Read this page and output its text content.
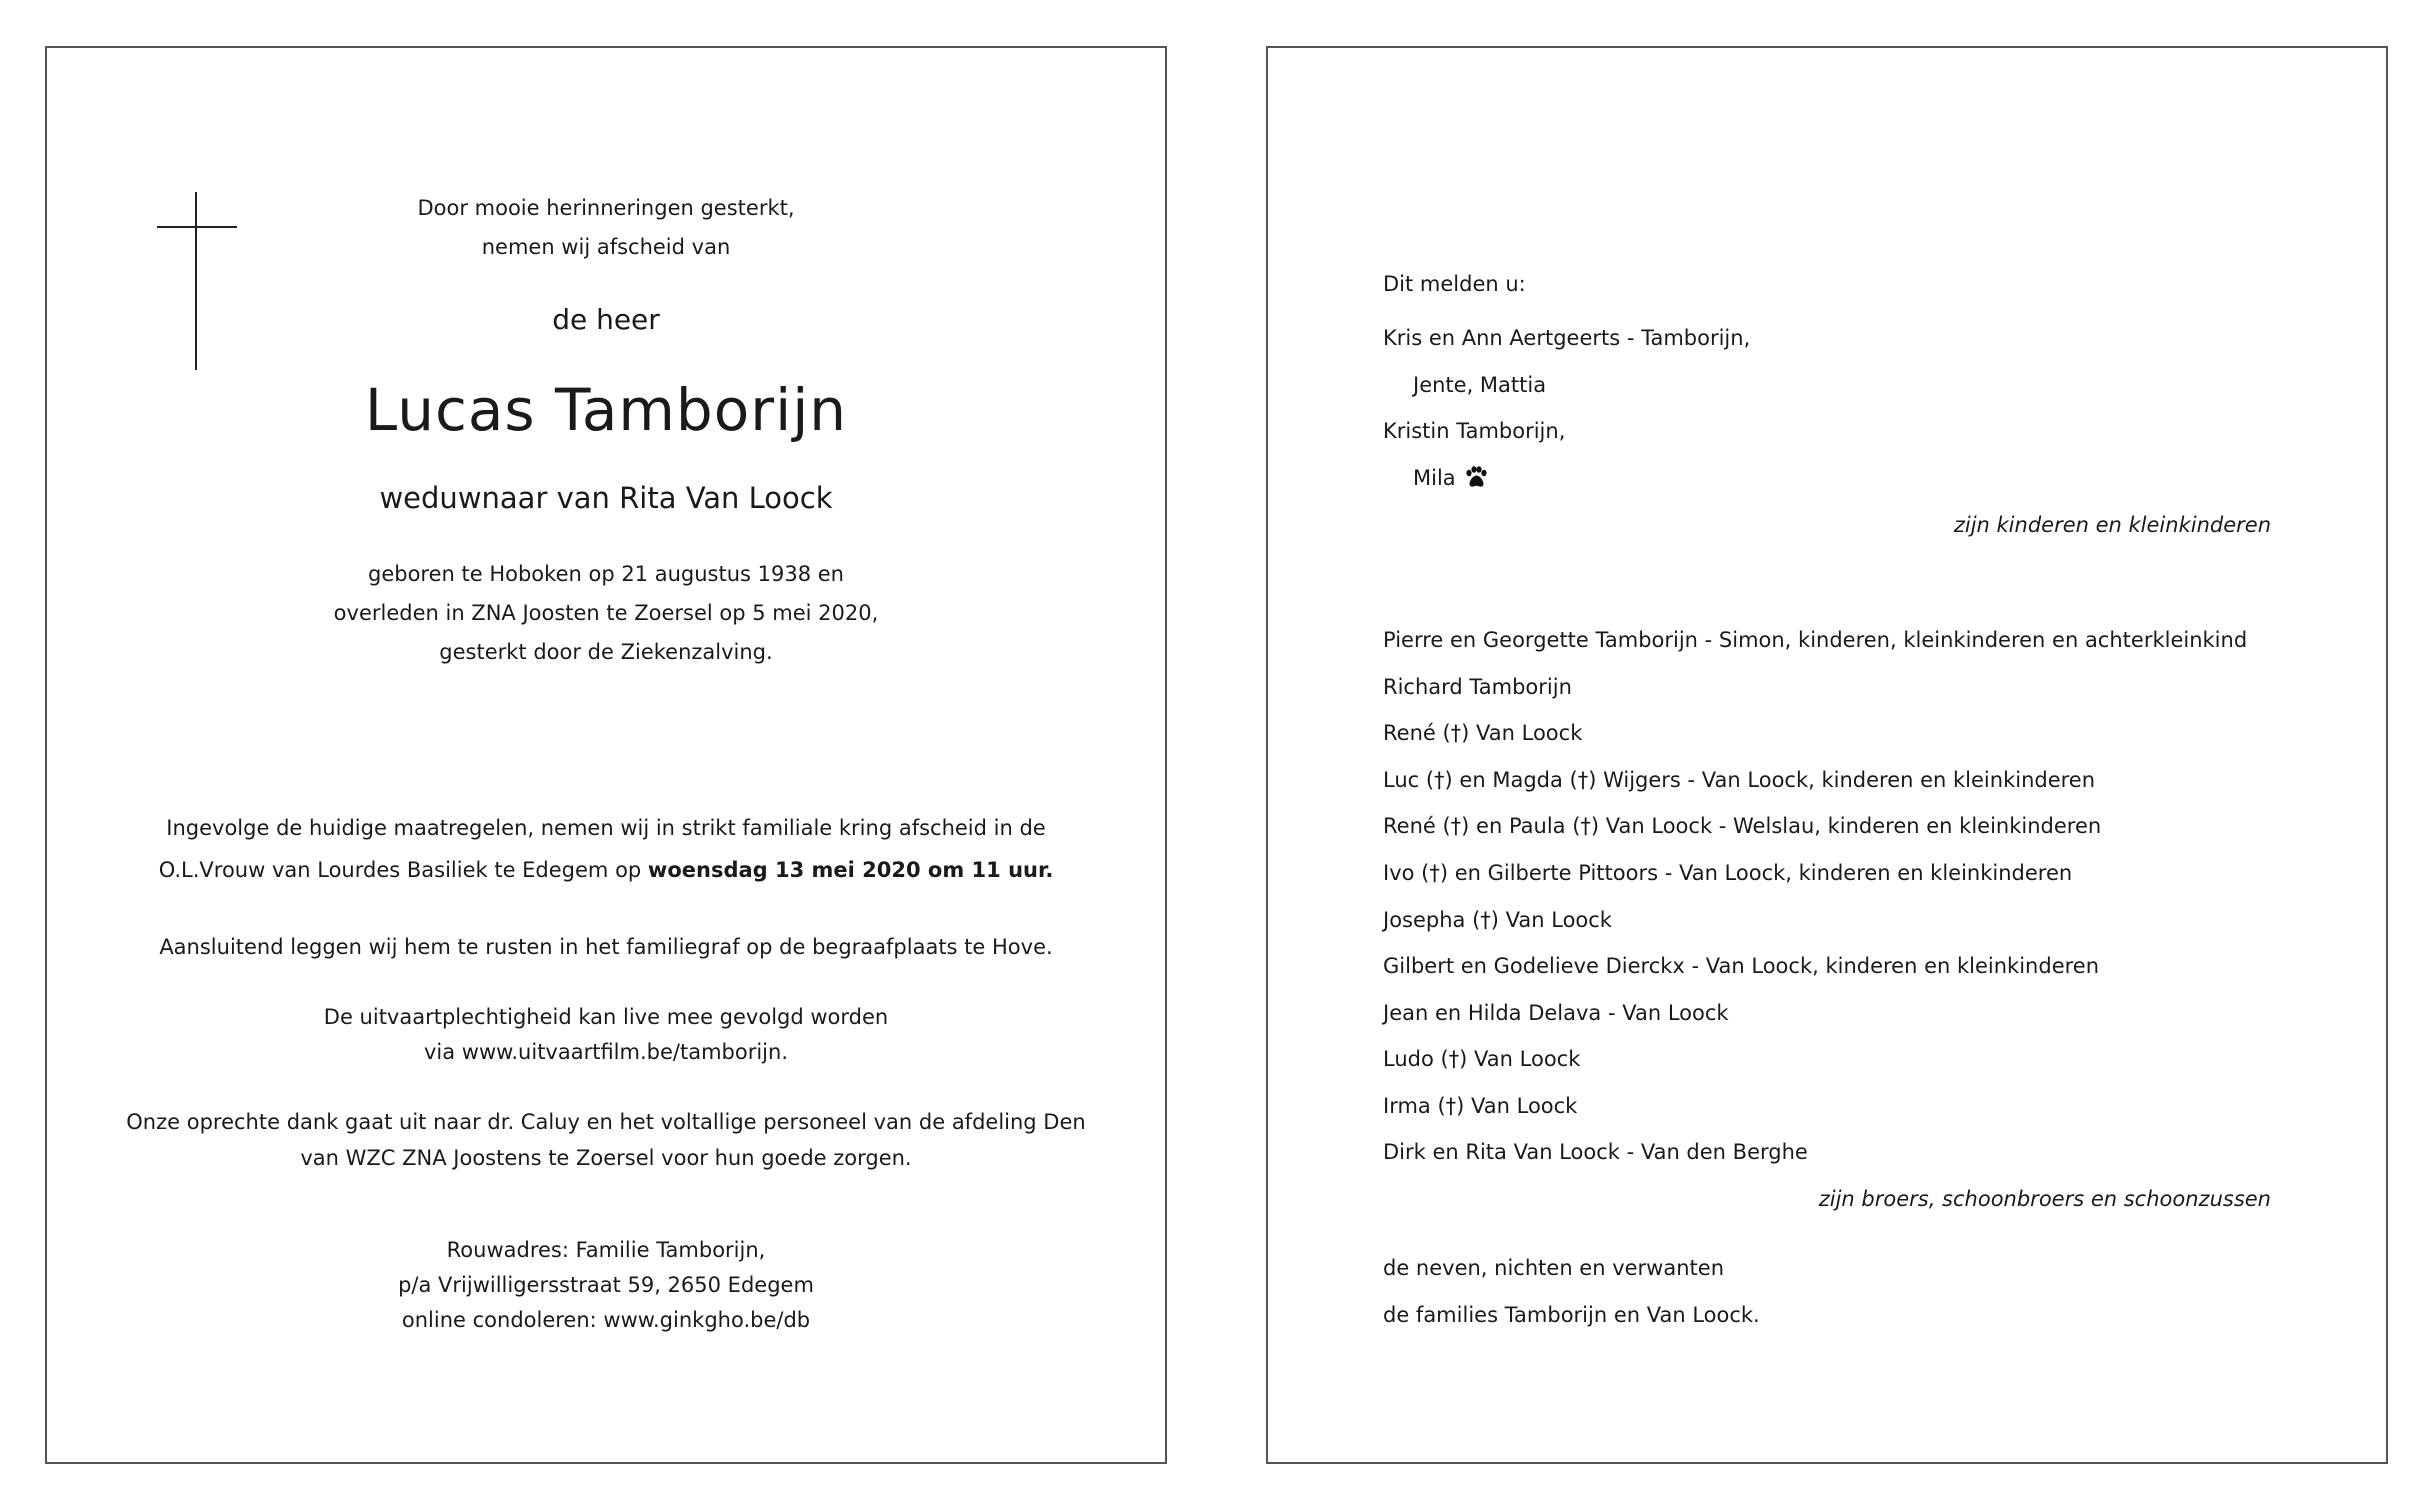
Door mooie herinneringen gesterkt,
nemen wij afscheid van
de heer
Lucas Tamborijn
weduwnaar van Rita Van Loock
geboren te Hoboken op 21 augustus 1938 en
overleden in ZNA Joosten te Zoersel op 5 mei 2020,
gesterkt door de Ziekenzalving.
Ingevolge de huidige maatregelen, nemen wij in strikt familiale kring afscheid in de
O.L.Vrouw van Lourdes Basiliek te Edegem op woensdag 13 mei 2020 om 11 uur.
Aansluitend leggen wij hem te rusten in het familiegraf op de begraafplaats te Hove.
De uitvaartplechtigheid kan live mee gevolgd worden
via www.uitvaartfilm.be/tamborijn.
Onze oprechte dank gaat uit naar dr. Caluy en het voltallige personeel van de afdeling Den
van WZC ZNA Joostens te Zoersel voor hun goede zorgen.
Rouwadres: Familie Tamborijn,
p/a Vrijwilligersstraat 59, 2650 Edegem
online condoleren: www.ginkgho.be/db
Dit melden u:
Kris en Ann Aertgeerts - Tamborijn,
Jente, Mattia
Kristin Tamborijn,
Mila
zijn kinderen en kleinkinderen
Pierre en Georgette Tamborijn - Simon, kinderen, kleinkinderen en achterkleinkind
Richard Tamborijn
René (†) Van Loock
Luc (†) en Magda (†) Wijgers - Van Loock, kinderen en kleinkinderen
René (†) en Paula (†) Van Loock - Welslau, kinderen en kleinkinderen
Ivo (†) en Gilberte Pittoors - Van Loock, kinderen en kleinkinderen
Josepha (†) Van Loock
Gilbert en Godelieve Dierckx - Van Loock, kinderen en kleinkinderen
Jean en Hilda Delava - Van Loock
Ludo (†) Van Loock
Irma (†) Van Loock
Dirk en Rita Van Loock - Van den Berghe
zijn broers, schoonbroers en schoonzussen
de neven, nichten en verwanten
de families Tamborijn en Van Loock.
